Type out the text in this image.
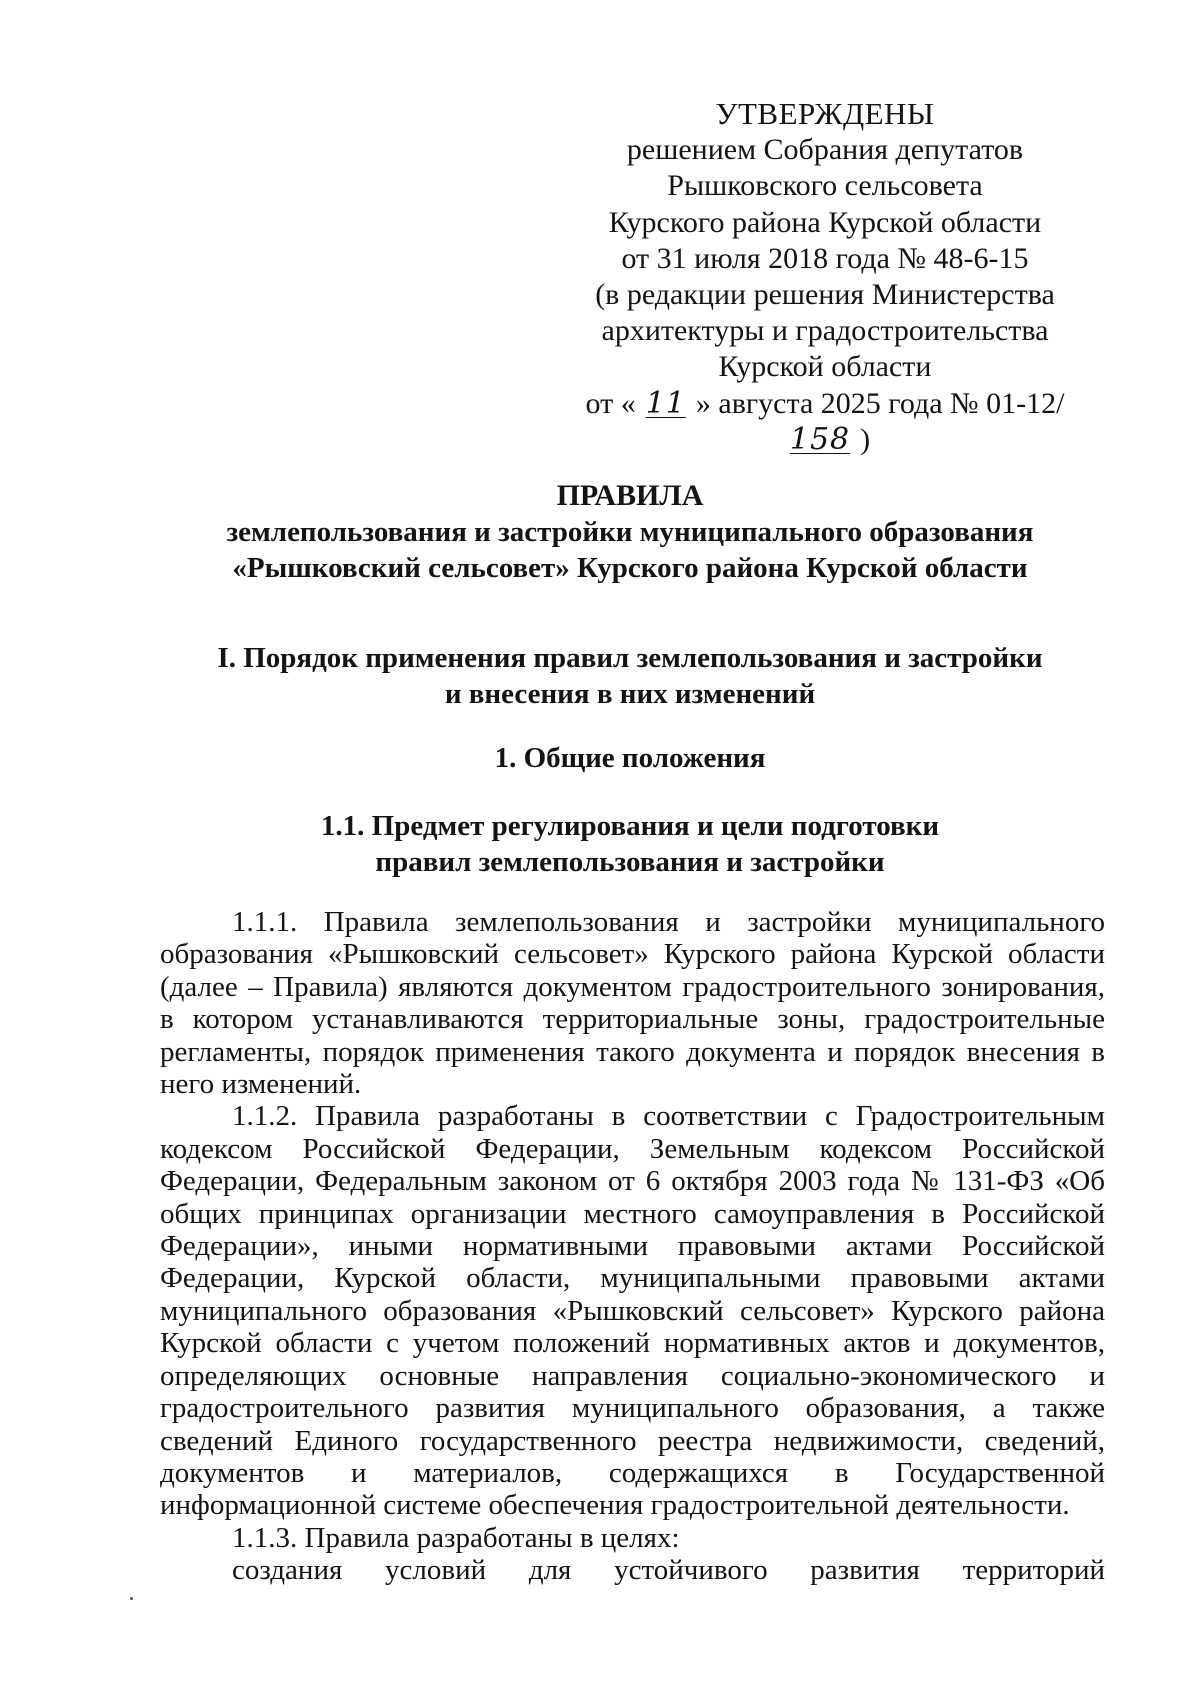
УТВЕРЖДЕНЫ
решением Собрания депутатов
Рышковского сельсовета
Курского района Курской области
от 31 июля 2018 года № 48-6-15
(в редакции решения Министерства
архитектуры и градостроительства
Курской области
от « 11 » августа 2025 года № 01-12/158 )
ПРАВИЛА
землепользования и застройки муниципального образования
«Рышковский сельсовет» Курского района Курской области
I. Порядок применения правил землепользования и застройки
и внесения в них изменений
1. Общие положения
1.1. Предмет регулирования и цели подготовки
правил землепользования и застройки

1.1.1. Правила землепользования и застройки муниципального образования «Рышковский сельсовет» Курского района Курской области (далее – Правила) являются документом градостроительного зонирования, в котором устанавливаются территориальные зоны, градостроительные регламенты, порядок применения такого документа и порядок внесения в него изменений.

1.1.2. Правила разработаны в соответствии с Градостроительным кодексом Российской Федерации, Земельным кодексом Российской Федерации, Федеральным законом от 6 октября 2003 года № 131-ФЗ «Об общих принципах организации местного самоуправления в Российской Федерации», иными нормативными правовыми актами Российской Федерации, Курской области, муниципальными правовыми актами муниципального образования «Рышковский сельсовет» Курского района Курской области с учетом положений нормативных актов и документов, определяющих основные направления социально-экономического и градостроительного развития муниципального образования, а также сведений Единого государственного реестра недвижимости, сведений, документов и материалов, содержащихся в Государственной информационной системе обеспечения градостроительной деятельности.

1.1.3. Правила разработаны в целях:

создания условий для устойчивого развития территорий
